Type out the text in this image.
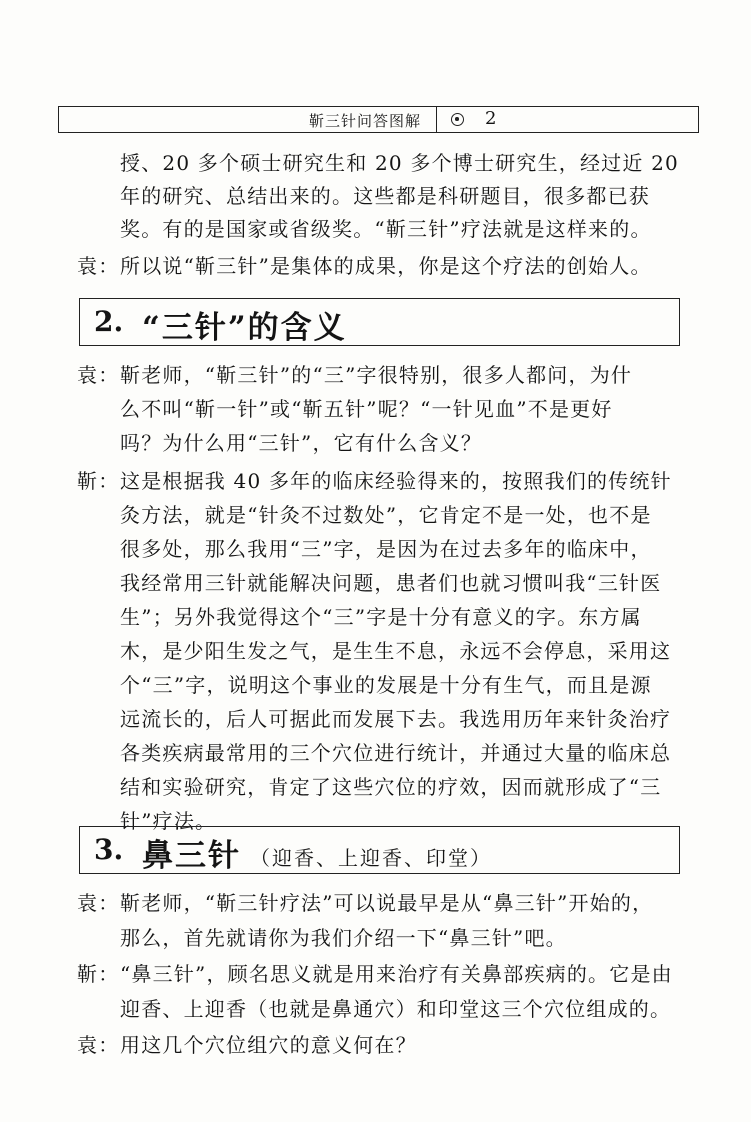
靳三针问答图解	2
授、20 多个硕士研究生和 20 多个博士研究生，经过近 20
年的研究、总结出来的。这些都是科研题目，很多都已获
奖。有的是国家或省级奖。“靳三针”疗法就是这样来的。
袁： 所以说“靳三针”是集体的成果，你是这个疗法的创始人。
2. “三针”的含义
袁： 靳老师，“靳三针”的“三”字很特别，很多人都问，为什
么不叫“靳一针”或“靳五针”呢？“一针见血”不是更好
吗？为什么用“三针”，它有什么含义？
靳： 这是根据我 40 多年的临床经验得来的，按照我们的传统针
灸方法，就是“针灸不过数处”，它肯定不是一处，也不是
很多处，那么我用“三”字，是因为在过去多年的临床中，
我经常用三针就能解决问题，患者们也就习惯叫我“三针医
生”；另外我觉得这个“三”字是十分有意义的字。东方属
木，是少阳生发之气，是生生不息，永远不会停息，采用这
个“三”字，说明这个事业的发展是十分有生气，而且是源
远流长的，后人可据此而发展下去。我选用历年来针灸治疗
各类疾病最常用的三个穴位进行统计，并通过大量的临床总
结和实验研究，肯定了这些穴位的疗效，因而就形成了“三
针”疗法。
3. 鼻三针 （迎香、上迎香、印堂）
袁： 靳老师，“靳三针疗法”可以说最早是从“鼻三针”开始的，
那么，首先就请你为我们介绍一下“鼻三针”吧。
靳： “鼻三针”，顾名思义就是用来治疗有关鼻部疾病的。它是由
迎香、上迎香（也就是鼻通穴）和印堂这三个穴位组成的。
袁： 用这几个穴位组穴的意义何在？
